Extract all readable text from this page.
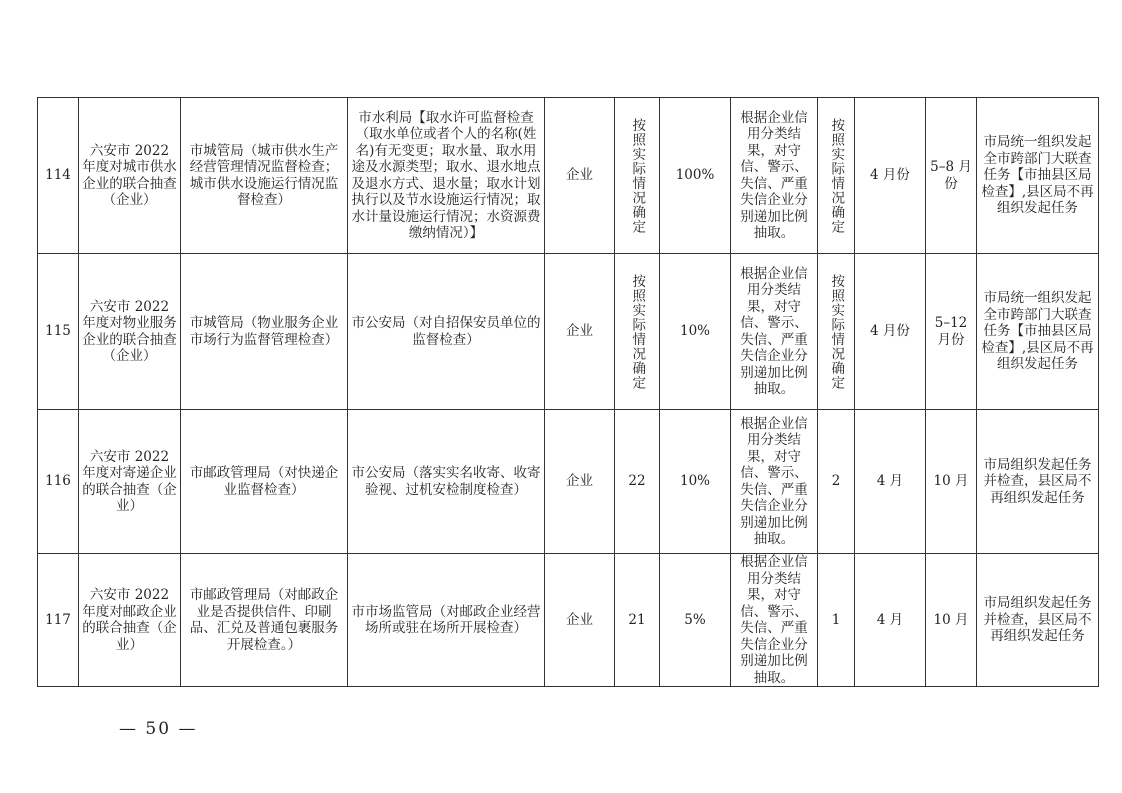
114	六安市 2022 年度对城市供水企业的联合抽查（企业）	市城管局（城市供水生产经营管理情况监督检查；城市供水设施运行情况监督检查）	市水利局【取水许可监督检查（取水单位或者个人的名称(姓名)有无变更；取水量、取水用途及水源类型；取水、退水地点及退水方式、退水量；取水计划执行以及节水设施运行情况；取水计量设施运行情况；水资源费缴纳情况）】	企业	按照实际情况确定	100%	根据企业信用分类结果，对守信、警示、失信、严重失信企业分别递加比例抽取。	按照实际情况确定	4 月份	5–8 月份	市局统一组织发起全市跨部门大联查任务【市抽县区局检查】,县区局不再组织发起任务
115	六安市 2022 年度对物业服务企业的联合抽查（企业）	市城管局（物业服务企业市场行为监督管理检查）	市公安局（对自招保安员单位的监督检查）	企业	按照实际情况确定	10%	根据企业信用分类结果，对守信、警示、失信、严重失信企业分别递加比例抽取。	按照实际情况确定	4 月份	5–12 月份	市局统一组织发起全市跨部门大联查任务【市抽县区局检查】,县区局不再组织发起任务
116	六安市 2022 年度对寄递企业的联合抽查（企业）	市邮政管理局（对快递企业监督检查）	市公安局（落实实名收寄、收寄验视、过机安检制度检查）	企业	22	10%	根据企业信用分类结果，对守信、警示、失信、严重失信企业分别递加比例抽取。	2	4 月	10 月	市局组织发起任务并检查，县区局不再组织发起任务
117	六安市 2022 年度对邮政企业的联合抽查（企业）	市邮政管理局（对邮政企业是否提供信件、印刷品、汇兑及普通包裹服务开展检查。）	市市场监管局（对邮政企业经营场所或驻在场所开展检查）	企业	21	5%	根据企业信用分类结果，对守信、警示、失信、严重失信企业分别递加比例抽取。	1	4 月	10 月	市局组织发起任务并检查，县区局不再组织发起任务
— 50 —
